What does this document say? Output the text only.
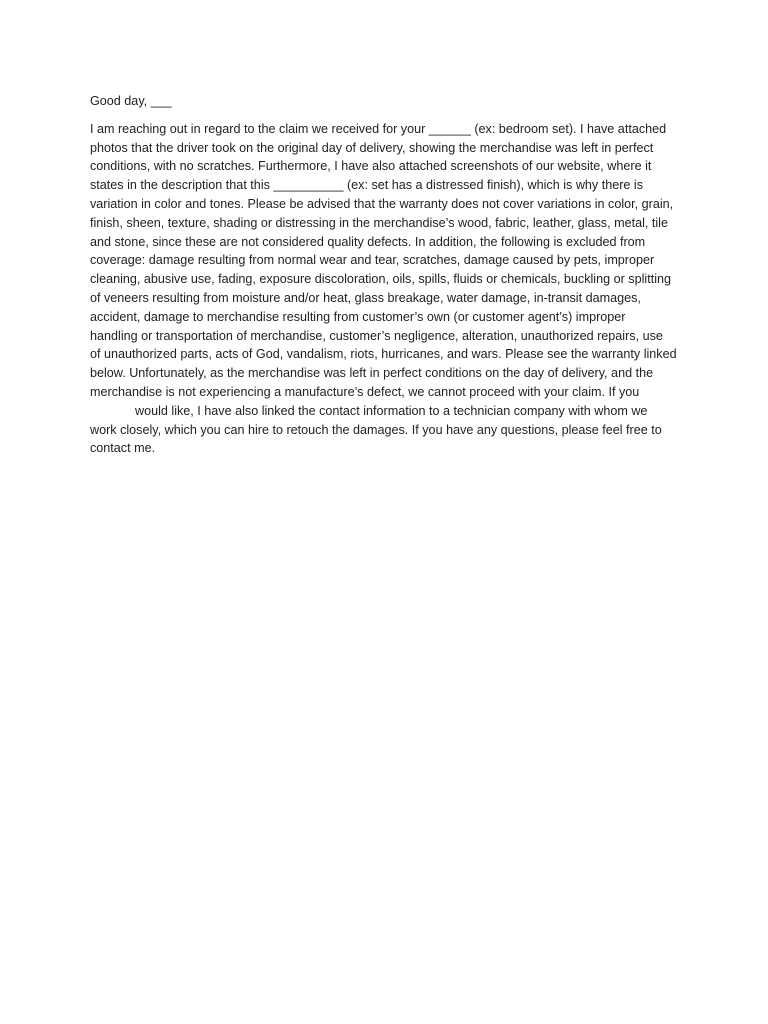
Good day, ___

I am reaching out in regard to the claim we received for your ______ (ex: bedroom set). I have attached
photos that the driver took on the original day of delivery, showing the merchandise was left in perfect
conditions, with no scratches. Furthermore, I have also attached screenshots of our website, where it
states in the description that this __________ (ex: set has a distressed finish), which is why there is
variation in color and tones. Please be advised that the warranty does not cover variations in color, grain,
finish, sheen, texture, shading or distressing in the merchandise’s wood, fabric, leather, glass, metal, tile
and stone, since these are not considered quality defects. In addition, the following is excluded from
coverage: damage resulting from normal wear and tear, scratches, damage caused by pets, improper
cleaning, abusive use, fading, exposure discoloration, oils, spills, fluids or chemicals, buckling or splitting
of veneers resulting from moisture and/or heat, glass breakage, water damage, in-transit damages,
accident, damage to merchandise resulting from customer’s own (or customer agent’s) improper
handling or transportation of merchandise, customer’s negligence, alteration, unauthorized repairs, use
of unauthorized parts, acts of God, vandalism, riots, hurricanes, and wars. Please see the warranty linked
below. Unfortunately, as the merchandise was left in perfect conditions on the day of delivery, and the
merchandise is not experiencing a manufacture’s defect, we cannot proceed with your claim. If you
would like, I have also linked the contact information to a technician company with whom we
work closely, which you can hire to retouch the damages. If you have any questions, please feel free to
contact me.
